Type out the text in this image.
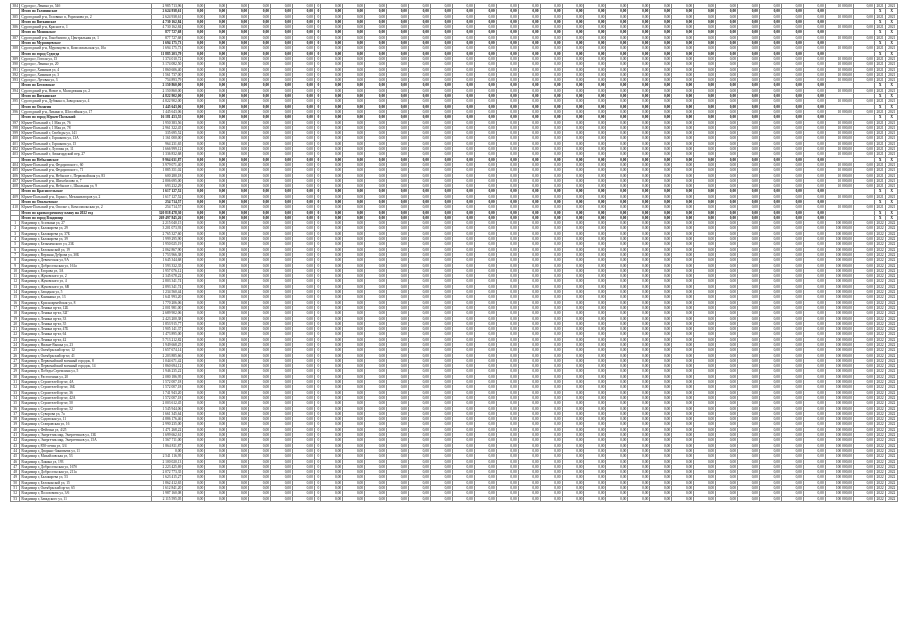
384	Судогда г, Ленина ул, 54б	2 985 713,96	0,00	0,00	0,00	0,00	0,00	0,00	0	0,00	0,00	0,00	0,00	0,00	0,00	0,00	0,00	0,00	0,00	0,00	0,00	0,00	0,00	0,00	0,00	0,00	0,00	0,00	0,00	0,00	0,00	0,00	10 000,00	0,00	2021	2021
	Итого по Головинское	2 624 938,61	0,00	0,00	0,00	0,00	0,00	0,00	0	0,00	0,00	0,00	0,00	0,00	0,00	0,00	0,00	0,00	0,00	0,00	0,00	0,00	0,00	0,00	0,00	0,00	0,00	0,00	0,00	0,00	0,00	0,00			X	X
385	Судогодский р-н, Головино п, Родионова ул, 2	2 624 938,61	0,00	0,00	0,00	0,00	0,00	0,00	0	0,00	0,00	0,00	0,00	0,00	0,00	0,00	0,00	0,00	0,00	0,00	0,00	0,00	0,00	0,00	0,00	0,00	0,00	0,00	0,00	0,00	0,00	0,00	10 000,00	0,00	2021	2021
	Итого по Вяткинское	4 730 162,84	0,00	0,00	0,00	0,00	0,00	0,00	0	0,00	0,00	0,00	0,00	0,00	0,00	0,00	0,00	0,00	0,00	0,00	0,00	0,00	0,00	0,00	0,00	0,00	0,00	0,00	0,00	0,00	0,00	0,00			X	X
386	Судогодский р-н, Красное п, 1	4 730 162,84	0,00	0,00	0,00	0,00	0,00	0,00	0	0,00	0,00	0,00	0,00	0,00	0,00	0,00	0,00	0,00	0,00	0,00	0,00	0,00	0,00	0,00	0,00	0,00	0,00	0,00	0,00	0,00	0,00	0,00	10 000,00	0,00	2021	2021
	Итого по Мошокское	877 727,68	0,00	0,00	0,00	0,00	0,00	0,00	0	0,00	0,00	0,00	0,00	0,00	0,00	0,00	0,00	0,00	0,00	0,00	0,00	0,00	0,00	0,00	0,00	0,00	0,00	0,00	0,00	0,00	0,00	0,00			X	X
387	Судогодский р-н, Гонобилово д, Центральная ул, 1	877 727,68	0,00	0,00	0,00	0,00	0,00	0,00	0	0,00	0,00	0,00	0,00	0,00	0,00	0,00	0,00	0,00	0,00	0,00	0,00	0,00	0,00	0,00	0,00	0,00	0,00	0,00	0,00	0,00	0,00	0,00	10 000,00	0,00	2021	2021
	Итого по Муромцевское	1 694 175,73	0,00	0,00	0,00	0,00	0,00	0,00	0	0,00	0,00	0,00	0,00	0,00	0,00	0,00	0,00	0,00	0,00	0,00	0,00	0,00	0,00	0,00	0,00	0,00	0,00	0,00	0,00	0,00	0,00	0,00			X	X
388	Судогодский р-н, Муромцево п, Комсомольская ул, 10а	1 694 175,73	0,00	0,00	0,00	0,00	0,00	0,00	0	0,00	0,00	0,00	0,00	0,00	0,00	0,00	0,00	0,00	0,00	0,00	0,00	0,00	0,00	0,00	0,00	0,00	0,00	0,00	0,00	0,00	0,00	0,00	10 000,00	0,00	2021	2021
	Итого по город Судогда	11 885 203,79	0,00	0,00	0,00	0,00	0,00	0,00	0	0,00	0,00	0,00	0,00	0,00	0,00	0,00	0,00	0,00	0,00	0,00	0,00	0,00	0,00	0,00	0,00	0,00	0,00	0,00	0,00	0,00	0,00	0,00			X	X
389	Судогда г, Гоголя ул, 15	1 374 010,72	0,00	0,00	0,00	0,00	0,00	0,00	0	0,00	0,00	0,00	0,00	0,00	0,00	0,00	0,00	0,00	0,00	0,00	0,00	0,00	0,00	0,00	0,00	0,00	0,00	0,00	0,00	0,00	0,00	0,00	10 000,00	0,00	2021	2021
390	Судогда г, Ленина ул, 20	3 174 082,50	0,00	0,00	0,00	0,00	0,00	0,00	0	0,00	0,00	0,00	0,00	0,00	0,00	0,00	0,00	0,00	0,00	0,00	0,00	0,00	0,00	0,00	0,00	0,00	0,00	0,00	0,00	0,00	0,00	0,00	10 000,00	0,00	2021	2021
391	Судогда г, Химиков ул, 4	1 860 606,40	0,00	0,00	0,00	0,00	0,00	0,00	0	0,00	0,00	0,00	0,00	0,00	0,00	0,00	0,00	0,00	0,00	0,00	0,00	0,00	0,00	0,00	0,00	0,00	0,00	0,00	0,00	0,00	0,00	0,00	10 000,00	0,00	2021	2021
392	Судогда г, Химиков ул, 3	1 561 737,00	0,00	0,00	0,00	0,00	0,00	0,00	0	0,00	0,00	0,00	0,00	0,00	0,00	0,00	0,00	0,00	0,00	0,00	0,00	0,00	0,00	0,00	0,00	0,00	0,00	0,00	0,00	0,00	0,00	0,00	10 000,00	0,00	2021	2021
393	Судогда г, Луговая ул, 3	754 893,79	0,00	0,00	0,00	0,00	0,00	0,00	0	0,00	0,00	0,00	0,00	0,00	0,00	0,00	0,00	0,00	0,00	0,00	0,00	0,00	0,00	0,00	0,00	0,00	0,00	0,00	0,00	0,00	0,00	0,00	10 000,00	0,00	2021	2021
	Итого по Бегловское	2 150 860,00	0,00	0,00	0,00	0,00	0,00	0,00	0	0,00	0,00	0,00	0,00	0,00	0,00	0,00	0,00	0,00	0,00	0,00	0,00	0,00	0,00	0,00	0,00	0,00	0,00	0,00	0,00	0,00	0,00	0,00			X	X
394	Судогодский р-н, Новое п, Молодежная ул, 2	2 150 860,00	0,00	0,00	0,00	0,00	0,00	0,00	0	0,00	0,00	0,00	0,00	0,00	0,00	0,00	0,00	0,00	0,00	0,00	0,00	0,00	0,00	0,00	0,00	0,00	0,00	0,00	0,00	0,00	0,00	0,00	10 000,00	0,00	2021	2021
	Итого по Вяткинское	4 822 902,00	0,00	0,00	0,00	0,00	0,00	0,00	0	0,00	0,00	0,00	0,00	0,00	0,00	0,00	0,00	0,00	0,00	0,00	0,00	0,00	0,00	0,00	0,00	0,00	0,00	0,00	0,00	0,00	0,00	0,00			X	X
395	Судогодский р-н, Дубинка п, Заводская ул, 4	4 822 902,00	0,00	0,00	0,00	0,00	0,00	0,00	0	0,00	0,00	0,00	0,00	0,00	0,00	0,00	0,00	0,00	0,00	0,00	0,00	0,00	0,00	0,00	0,00	0,00	0,00	0,00	0,00	0,00	0,00	0,00	10 000,00	0,00	2021	2021
	Итого по Оплагин	1 445 643,06	0,00	0,00	0,00	0,00	0,00	0,00	0	0,00	0,00	0,00	0,00	0,00	0,00	0,00	0,00	0,00	0,00	0,00	0,00	0,00	0,00	0,00	0,00	0,00	0,00	0,00	0,00	0,00	0,00	0,00			X	X
396	Судогодский р-н, Ликино п, Шоссейная ул, 17	1 445 643,06	0,00	0,00	0,00	0,00	0,00	0,00	0	0,00	0,00	0,00	0,00	0,00	0,00	0,00	0,00	0,00	0,00	0,00	0,00	0,00	0,00	0,00	0,00	0,00	0,00	0,00	0,00	0,00	0,00	0,00	10 000,00	0,00	2021	2021
	Итого по город Юрьев-Польский	16 181 453,55	0,00	0,00	0,00	0,00	0,00	0,00	0	0,00	0,00	0,00	0,00	0,00	0,00	0,00	0,00	0,00	0,00	0,00	0,00	0,00	0,00	0,00	0,00	0,00	0,00	0,00	0,00	0,00	0,00	0,00			X	X
397	Юрьев-Польский г, 1 Мая ул, 76	1 950 383,56	0,00	0,00	0,00	0,00	0,00	0,00	0	0,00	0,00	0,00	0,00	0,00	0,00	0,00	0,00	0,00	0,00	0,00	0,00	0,00	0,00	0,00	0,00	0,00	0,00	0,00	0,00	0,00	0,00	0,00	10 000,00	0,00	2021	2021
398	Юрьев-Польский г, 1 Мая ул, 78	2 961 322,45	0,00	0,00	0,00	0,00	0,00	0,00	0	0,00	0,00	0,00	0,00	0,00	0,00	0,00	0,00	0,00	0,00	0,00	0,00	0,00	0,00	0,00	0,00	0,00	0,00	0,00	0,00	0,00	0,00	0,00	10 000,00	0,00	2021	2021
399	Юрьев-Польский г, Свободы ул, 141	335 695,52	0,00	0,00	0,00	0,00	0,00	0,00	0	0,00	0,00	0,00	0,00	0,00	0,00	0,00	0,00	0,00	0,00	0,00	0,00	0,00	0,00	0,00	0,00	0,00	0,00	0,00	0,00	0,00	0,00	0,00	10 000,00	0,00	2021	2021
400	Юрьев-Польский г, Горшкова ул, 13А	1 161 000,00	0,00	0,00	0,00	0,00	0,00	0,00	0	0,00	0,00	0,00	0,00	0,00	0,00	0,00	0,00	0,00	0,00	0,00	0,00	0,00	0,00	0,00	0,00	0,00	0,00	0,00	0,00	0,00	0,00	0,00	10 000,00	0,00	2021	2021
401	Юрьев-Польский г, Горшкова ул, 15	964 231,65	0,00	0,00	0,00	0,00	0,00	0,00	0	0,00	0,00	0,00	0,00	0,00	0,00	0,00	0,00	0,00	0,00	0,00	0,00	0,00	0,00	0,00	0,00	0,00	0,00	0,00	0,00	0,00	0,00	0,00	10 000,00	0,00	2021	2021
402	Юрьев-Польский г, Луговая ул, 11	1 666 999,12	0,00	0,00	0,00	0,00	0,00	0,00	0	0,00	0,00	0,00	0,00	0,00	0,00	0,00	0,00	0,00	0,00	0,00	0,00	0,00	0,00	0,00	0,00	0,00	0,00	0,00	0,00	0,00	0,00	0,00	10 000,00	0,00	2021	2021
403	Юрьев-Польский г, Авангардский пер, 27	1 336 832,68	0,00	0,00	0,00	0,00	0,00	0,00	0	0,00	0,00	0,00	0,00	0,00	0,00	0,00	0,00	0,00	0,00	0,00	0,00	0,00	0,00	0,00	0,00	0,00	0,00	0,00	0,00	0,00	0,00	0,00	10 000,00	0,00	2021	2021
	Итого по Небыловское	9 964 631,87	0,00	0,00	0,00	0,00	0,00	0,00	0	0,00	0,00	0,00	0,00	0,00	0,00	0,00	0,00	0,00	0,00	0,00	0,00	0,00	0,00	0,00	0,00	0,00	0,00	0,00	0,00	0,00	0,00	0,00			X	X
404	Юрьев-Польский р-н, Федоровское с, 60	3 979 071,40	0,00	0,00	0,00	0,00	0,00	0,00	0	0,00	0,00	0,00	0,00	0,00	0,00	0,00	0,00	0,00	0,00	0,00	0,00	0,00	0,00	0,00	0,00	0,00	0,00	0,00	0,00	0,00	0,00	0,00	10 000,00	0,00	2021	2021
405	Юрьев-Польский р-н, Федоровское с, 71	1 885 351,02	0,00	0,00	0,00	0,00	0,00	0,00	0	0,00	0,00	0,00	0,00	0,00	0,00	0,00	0,00	0,00	0,00	0,00	0,00	0,00	0,00	0,00	0,00	0,00	0,00	0,00	0,00	0,00	0,00	0,00	10 000,00	0,00	2021	2021
406	Юрьев-Польский р-н, Небылое с, Первомайская ул, 83	600 280,18	0,00	0,00	0,00	0,00	0,00	0,00	0	0,00	0,00	0,00	0,00	0,00	0,00	0,00	0,00	0,00	0,00	0,00	0,00	0,00	0,00	0,00	0,00	0,00	0,00	0,00	0,00	0,00	0,00	0,00	10 000,00	0,00	2021	2021
407	Юрьев-Польский р-н, Шихобалово п, 7	2 806 695,00	0,00	0,00	0,00	0,00	0,00	0,00	0	0,00	0,00	0,00	0,00	0,00	0,00	0,00	0,00	0,00	0,00	0,00	0,00	0,00	0,00	0,00	0,00	0,00	0,00	0,00	0,00	0,00	0,00	0,00	10 000,00	0,00	2021	2021
408	Юрьев-Польский р-н, Небылое с, Школьная ул, 9	693 232,29	0,00	0,00	0,00	0,00	0,00	0,00	0	0,00	0,00	0,00	0,00	0,00	0,00	0,00	0,00	0,00	0,00	0,00	0,00	0,00	0,00	0,00	0,00	0,00	0,00	0,00	0,00	0,00	0,00	0,00	10 000,00	0,00	2021	2021
	Итого по Красносельское	1 617 127,52	0,00	0,00	0,00	0,00	0,00	0,00	0	0,00	0,00	0,00	0,00	0,00	0,00	0,00	0,00	0,00	0,00	0,00	0,00	0,00	0,00	0,00	0,00	0,00	0,00	0,00	0,00	0,00	0,00	0,00			X	X
409	Юрьев-Польский р-н, Горки с, Механизаторов ул, 2	1 617 127,52	0,00	0,00	0,00	0,00	0,00	0,00	0	0,00	0,00	0,00	0,00	0,00	0,00	0,00	0,00	0,00	0,00	0,00	0,00	0,00	0,00	0,00	0,00	0,00	0,00	0,00	0,00	0,00	0,00	0,00	10 000,00	0,00	2021	2021
	Итого по Опольевское	254 714,57	0,00	0,00	0,00	0,00	0,00	0,00	0	0,00	0,00	0,00	0,00	0,00	0,00	0,00	0,00	0,00	0,00	0,00	0,00	0,00	0,00	0,00	0,00	0,00	0,00	0,00	0,00	0,00	0,00	0,00			X	X
410	Юрьев-Польский р-н, Ополье с, Комсомольская ул, 2	254 714,57	0,00	0,00	0,00	0,00	0,00	0,00	0	0,00	0,00	0,00	0,00	0,00	0,00	0,00	0,00	0,00	0,00	0,00	0,00	0,00	0,00	0,00	0,00	0,00	0,00	0,00	0,00	0,00	0,00	0,00	10 000,00	0,00	2021	2021
	Итого по краткосрочному плану на 2022 год	320 818 478,30	0,00	0,00	0,00	0,00	0,00	0,00	0	0,00	0,00	0,00	0,00	0,00	0,00	0,00	0,00	0,00	0,00	0,00	0,00	0,00	0,00	0,00	0,00	0,00	0,00	0,00	0,00	0,00	0,00	0,00			X	X
	Итого по город Владимир	269 497 845,26	0,00	0,00	0,00	0,00	0,00	0,00	0	0,00	0,00	0,00	0,00	0,00	0,00	0,00	0,00	0,00	0,00	0,00	0,00	0,00	0,00	0,00	0,00	0,00	0,00	0,00	0,00	0,00	0,00	0,00			X	X
1	Владимир г, Асаткина ул, 27	2 215 040,15	0,00	0,00	0,00	0,00	0,00	0,00	0	0,00	0,00	0,00	0,00	0,00	0,00	0,00	0,00	0,00	0,00	0,00	0,00	0,00	0,00	0,00	0,00	0,00	0,00	0,00	0,00	0,00	0,00	0,00	100 000,00	0,00	2022	2022
2	Владимир г, Балакирева ул, 29	3 201 073,93	0,00	0,00	0,00	0,00	0,00	0,00	0	0,00	0,00	0,00	0,00	0,00	0,00	0,00	0,00	0,00	0,00	0,00	0,00	0,00	0,00	0,00	0,00	0,00	0,00	0,00	0,00	0,00	0,00	0,00	100 000,00	0,00	2022	2022
3	Владимир г, Балакирева ул, 37Б	2 765 327,60	0,00	0,00	0,00	0,00	0,00	0,00	0	0,00	0,00	0,00	0,00	0,00	0,00	0,00	0,00	0,00	0,00	0,00	0,00	0,00	0,00	0,00	0,00	0,00	0,00	0,00	0,00	0,00	0,00	0,00	100 000,00	0,00	2022	2022
4	Владимир г, Балакирева ул, 39	1 999 295,90	0,00	0,00	0,00	0,00	0,00	0,00	0	0,00	0,00	0,00	0,00	0,00	0,00	0,00	0,00	0,00	0,00	0,00	0,00	0,00	0,00	0,00	0,00	0,00	0,00	0,00	0,00	0,00	0,00	0,00	100 000,00	0,00	2022	2022
5	Владимир г, Безыменского ул, 23Б	1 950 025,19	0,00	0,00	0,00	0,00	0,00	0,00	0	0,00	0,00	0,00	0,00	0,00	0,00	0,00	0,00	0,00	0,00	0,00	0,00	0,00	0,00	0,00	0,00	0,00	0,00	0,00	0,00	0,00	0,00	0,00	100 000,00	0,00	2022	2022
6	Владимир г, Белоконской ул, 19	2 062 867,90	0,00	0,00	0,00	0,00	0,00	0,00	0	0,00	0,00	0,00	0,00	0,00	0,00	0,00	0,00	0,00	0,00	0,00	0,00	0,00	0,00	0,00	0,00	0,00	0,00	0,00	0,00	0,00	0,00	0,00	100 000,00	0,00	2022	2022
7	Владимир г, Верхняя Дуброва ул, 30Б	1 753 966,38	0,00	0,00	0,00	0,00	0,00	0,00	0	0,00	0,00	0,00	0,00	0,00	0,00	0,00	0,00	0,00	0,00	0,00	0,00	0,00	0,00	0,00	0,00	0,00	0,00	0,00	0,00	0,00	0,00	0,00	100 000,00	0,00	2022	2022
8	Владимир г, Девическая ул, 9А	1 645 344,68	0,00	0,00	0,00	0,00	0,00	0,00	0	0,00	0,00	0,00	0,00	0,00	0,00	0,00	0,00	0,00	0,00	0,00	0,00	0,00	0,00	0,00	0,00	0,00	0,00	0,00	0,00	0,00	0,00	0,00	100 000,00	0,00	2022	2022
9	Владимир г, Добросельская ул, 161а	1 593 332,35	0,00	0,00	0,00	0,00	0,00	0,00	0	0,00	0,00	0,00	0,00	0,00	0,00	0,00	0,00	0,00	0,00	0,00	0,00	0,00	0,00	0,00	0,00	0,00	0,00	0,00	0,00	0,00	0,00	0,00	100 000,00	0,00	2022	2022
10	Владимир г, Егорова ул, 3А	1 957 076,12	0,00	0,00	0,00	0,00	0,00	0,00	0	0,00	0,00	0,00	0,00	0,00	0,00	0,00	0,00	0,00	0,00	0,00	0,00	0,00	0,00	0,00	0,00	0,00	0,00	0,00	0,00	0,00	0,00	0,00	100 000,00	0,00	2022	2022
11	Владимир г, Жуковского ул, 2	2 345 678,22	0,00	0,00	0,00	0,00	0,00	0,00	0	0,00	0,00	0,00	0,00	0,00	0,00	0,00	0,00	0,00	0,00	0,00	0,00	0,00	0,00	0,00	0,00	0,00	0,00	0,00	0,00	0,00	0,00	0,00	100 000,00	0,00	2022	2022
12	Владимир г, Жуковского ул, 4	2 803 341,74	0,00	0,00	0,00	0,00	0,00	0,00	0	0,00	0,00	0,00	0,00	0,00	0,00	0,00	0,00	0,00	0,00	0,00	0,00	0,00	0,00	0,00	0,00	0,00	0,00	0,00	0,00	0,00	0,00	0,00	100 000,00	0,00	2022	2022
13	Владимир г, Жуковского ул, 6В	2 893 341,74	0,00	0,00	0,00	0,00	0,00	0,00	0	0,00	0,00	0,00	0,00	0,00	0,00	0,00	0,00	0,00	0,00	0,00	0,00	0,00	0,00	0,00	0,00	0,00	0,00	0,00	0,00	0,00	0,00	0,00	100 000,00	0,00	2022	2022
14	Владимир г, Западная ул, 5	1 234 560,44	0,00	0,00	0,00	0,00	0,00	0,00	0	0,00	0,00	0,00	0,00	0,00	0,00	0,00	0,00	0,00	0,00	0,00	0,00	0,00	0,00	0,00	0,00	0,00	0,00	0,00	0,00	0,00	0,00	0,00	100 000,00	0,00	2022	2022
15	Владимир г, Каманина ул, 13	1 641 993,20	0,00	0,00	0,00	0,00	0,00	0,00	0	0,00	0,00	0,00	0,00	0,00	0,00	0,00	0,00	0,00	0,00	0,00	0,00	0,00	0,00	0,00	0,00	0,00	0,00	0,00	0,00	0,00	0,00	0,00	100 000,00	0,00	2022	2022
16	Владимир г, Красноармейская ул, 8	1 770 206,06	0,00	0,00	0,00	0,00	0,00	0,00	0	0,00	0,00	0,00	0,00	0,00	0,00	0,00	0,00	0,00	0,00	0,00	0,00	0,00	0,00	0,00	0,00	0,00	0,00	0,00	0,00	0,00	0,00	0,00	100 000,00	0,00	2022	2022
17	Владимир г, Ленина пр-кт, 12Б	2 001 981,00	0,00	0,00	0,00	0,00	0,00	0,00	0	0,00	0,00	0,00	0,00	0,00	0,00	0,00	0,00	0,00	0,00	0,00	0,00	0,00	0,00	0,00	0,00	0,00	0,00	0,00	0,00	0,00	0,00	0,00	100 000,00	0,00	2022	2022
18	Владимир г, Ленина пр-кт, 32Г	2 689 902,06	0,00	0,00	0,00	0,00	0,00	0,00	0	0,00	0,00	0,00	0,00	0,00	0,00	0,00	0,00	0,00	0,00	0,00	0,00	0,00	0,00	0,00	0,00	0,00	0,00	0,00	0,00	0,00	0,00	0,00	100 000,00	0,00	2022	2022
19	Владимир г, Ленина пр-кт, 33	2 423 200,38	0,00	0,00	0,00	0,00	0,00	0,00	0	0,00	0,00	0,00	0,00	0,00	0,00	0,00	0,00	0,00	0,00	0,00	0,00	0,00	0,00	0,00	0,00	0,00	0,00	0,00	0,00	0,00	0,00	0,00	100 000,00	0,00	2022	2022
20	Владимир г, Ленина пр-кт, 35	1 853 915,77	0,00	0,00	0,00	0,00	0,00	0,00	0	0,00	0,00	0,00	0,00	0,00	0,00	0,00	0,00	0,00	0,00	0,00	0,00	0,00	0,00	0,00	0,00	0,00	0,00	0,00	0,00	0,00	0,00	0,00	100 000,00	0,00	2022	2022
21	Владимир г, Ленина пр-кт, 47Б	1 905 141,37	0,00	0,00	0,00	0,00	0,00	0,00	0	0,00	0,00	0,00	0,00	0,00	0,00	0,00	0,00	0,00	0,00	0,00	0,00	0,00	0,00	0,00	0,00	0,00	0,00	0,00	0,00	0,00	0,00	0,00	100 000,00	0,00	2022	2022
22	Владимир г, Ленина пр-кт, 64	1 473 895,00	0,00	0,00	0,00	0,00	0,00	0,00	0	0,00	0,00	0,00	0,00	0,00	0,00	0,00	0,00	0,00	0,00	0,00	0,00	0,00	0,00	0,00	0,00	0,00	0,00	0,00	0,00	0,00	0,00	0,00	100 000,00	0,00	2022	2022
23	Владимир г, Ленина пр-кт, 42	5 713 212,82	0,00	0,00	0,00	0,00	0,00	0,00	0	0,00	0,00	0,00	0,00	0,00	0,00	0,00	0,00	0,00	0,00	0,00	0,00	0,00	0,00	0,00	0,00	0,00	0,00	0,00	0,00	0,00	0,00	0,00	100 000,00	0,00	2022	2022
24	Владимир г, Нижне-Вышка ул, 23	1 949 668,25	0,00	0,00	0,00	0,00	0,00	0,00	0	0,00	0,00	0,00	0,00	0,00	0,00	0,00	0,00	0,00	0,00	0,00	0,00	0,00	0,00	0,00	0,00	0,00	0,00	0,00	0,00	0,00	0,00	0,00	100 000,00	0,00	2022	2022
25	Владимир г, Октябрьский пр-кт, 12	1 657 674,14	0,00	0,00	0,00	0,00	0,00	0,00	0	0,00	0,00	0,00	0,00	0,00	0,00	0,00	0,00	0,00	0,00	0,00	0,00	0,00	0,00	0,00	0,00	0,00	0,00	0,00	0,00	0,00	0,00	0,00	100 000,00	0,00	2022	2022
26	Владимир г, Октябрьский пр-кт, 41	2 203 885,66	0,00	0,00	0,00	0,00	0,00	0,00	0	0,00	0,00	0,00	0,00	0,00	0,00	0,00	0,00	0,00	0,00	0,00	0,00	0,00	0,00	0,00	0,00	0,00	0,00	0,00	0,00	0,00	0,00	0,00	100 000,00	0,00	2022	2022
27	Владимир г, Первомайский военный городок, 8	1 044 671,42	0,00	0,00	0,00	0,00	0,00	0,00	0	0,00	0,00	0,00	0,00	0,00	0,00	0,00	0,00	0,00	0,00	0,00	0,00	0,00	0,00	0,00	0,00	0,00	0,00	0,00	0,00	0,00	0,00	0,00	100 000,00	0,00	2022	2022
28	Владимир г, Первомайский военный городок, 14	1 860 694,12	0,00	0,00	0,00	0,00	0,00	0,00	0	0,00	0,00	0,00	0,00	0,00	0,00	0,00	0,00	0,00	0,00	0,00	0,00	0,00	0,00	0,00	0,00	0,00	0,00	0,00	0,00	0,00	0,00	0,00	100 000,00	0,00	2022	2022
29	Владимир г, Победы Стремлина ул, 5	1 946 235,22	0,00	0,00	0,00	0,00	0,00	0,00	0	0,00	0,00	0,00	0,00	0,00	0,00	0,00	0,00	0,00	0,00	0,00	0,00	0,00	0,00	0,00	0,00	0,00	0,00	0,00	0,00	0,00	0,00	0,00	100 000,00	0,00	2022	2022
30	Владимир г, Растопчина ул, 20	2 080 186,95	0,00	0,00	0,00	0,00	0,00	0,00	0	0,00	0,00	0,00	0,00	0,00	0,00	0,00	0,00	0,00	0,00	0,00	0,00	0,00	0,00	0,00	0,00	0,00	0,00	0,00	0,00	0,00	0,00	0,00	100 000,00	0,00	2022	2022
31	Владимир г, Строителей пр-кт, 4А	1 572 007,18	0,00	0,00	0,00	0,00	0,00	0,00	0	0,00	0,00	0,00	0,00	0,00	0,00	0,00	0,00	0,00	0,00	0,00	0,00	0,00	0,00	0,00	0,00	0,00	0,00	0,00	0,00	0,00	0,00	0,00	100 000,00	0,00	2022	2022
32	Владимир г, Строителей пр-кт, 16Б	1 572 007,18	0,00	0,00	0,00	0,00	0,00	0,00	0	0,00	0,00	0,00	0,00	0,00	0,00	0,00	0,00	0,00	0,00	0,00	0,00	0,00	0,00	0,00	0,00	0,00	0,00	0,00	0,00	0,00	0,00	0,00	100 000,00	0,00	2022	2022
33	Владимир г, Строителей пр-кт, 36	1 741 943,20	0,00	0,00	0,00	0,00	0,00	0,00	0	0,00	0,00	0,00	0,00	0,00	0,00	0,00	0,00	0,00	0,00	0,00	0,00	0,00	0,00	0,00	0,00	0,00	0,00	0,00	0,00	0,00	0,00	0,00	100 000,00	0,00	2022	2022
34	Владимир г, Строителей пр-кт, 42А	1 572 007,18	0,00	0,00	0,00	0,00	0,00	0,00	0	0,00	0,00	0,00	0,00	0,00	0,00	0,00	0,00	0,00	0,00	0,00	0,00	0,00	0,00	0,00	0,00	0,00	0,00	0,00	0,00	0,00	0,00	0,00	100 000,00	0,00	2022	2022
35	Владимир г, Строителей пр-кт, 50	2 003 612,45	0,00	0,00	0,00	0,00	0,00	0,00	0	0,00	0,00	0,00	0,00	0,00	0,00	0,00	0,00	0,00	0,00	0,00	0,00	0,00	0,00	0,00	0,00	0,00	0,00	0,00	0,00	0,00	0,00	0,00	100 000,00	0,00	2022	2022
36	Владимир г, Строителей пр-кт, 52	1 545 944,06	0,00	0,00	0,00	0,00	0,00	0,00	0	0,00	0,00	0,00	0,00	0,00	0,00	0,00	0,00	0,00	0,00	0,00	0,00	0,00	0,00	0,00	0,00	0,00	0,00	0,00	0,00	0,00	0,00	0,00	100 000,00	0,00	2022	2022
37	Владимир г, Суворова ул, 7а	1 661 345,64	0,00	0,00	0,00	0,00	0,00	0,00	0	0,00	0,00	0,00	0,00	0,00	0,00	0,00	0,00	0,00	0,00	0,00	0,00	0,00	0,00	0,00	0,00	0,00	0,00	0,00	0,00	0,00	0,00	0,00	100 000,00	0,00	2022	2022
38	Владимир г, Садовская ул, 11	4 886 176,46	0,00	0,00	0,00	0,00	0,00	0,00	0	0,00	0,00	0,00	0,00	0,00	0,00	0,00	0,00	0,00	0,00	0,00	0,00	0,00	0,00	0,00	0,00	0,00	0,00	0,00	0,00	0,00	0,00	0,00	100 000,00	0,00	2022	2022
39	Владимир г, Ставровская ул, 16	2 990 235,00	0,00	0,00	0,00	0,00	0,00	0,00	0	0,00	0,00	0,00	0,00	0,00	0,00	0,00	0,00	0,00	0,00	0,00	0,00	0,00	0,00	0,00	0,00	0,00	0,00	0,00	0,00	0,00	0,00	0,00	100 000,00	0,00	2022	2022
40	Владимир г, Фейгина ул, 4/25	1 471 268,22	0,00	0,00	0,00	0,00	0,00	0,00	0	0,00	0,00	0,00	0,00	0,00	0,00	0,00	0,00	0,00	0,00	0,00	0,00	0,00	0,00	0,00	0,00	0,00	0,00	0,00	0,00	0,00	0,00	0,00	100 000,00	0,00	2022	2022
41	Владимир г, Энергетик мкр, Энергетиков ул, 13Б	1 699 662,61	0,00	0,00	0,00	0,00	0,00	0,00	0	0,00	0,00	0,00	0,00	0,00	0,00	0,00	0,00	0,00	0,00	0,00	0,00	0,00	0,00	0,00	0,00	0,00	0,00	0,00	0,00	0,00	0,00	0,00	100 000,00	0,00	2022	2022
42	Владимир г, Энергетик мкр, Энергетиков ул, 15А	1 567 711,00	0,00	0,00	0,00	0,00	0,00	0,00	0	0,00	0,00	0,00	0,00	0,00	0,00	0,00	0,00	0,00	0,00	0,00	0,00	0,00	0,00	0,00	0,00	0,00	0,00	0,00	0,00	0,00	0,00	0,00	100 000,00	0,00	2022	2022
43	Владимир г, 850-летия ул, 3/4	1 864 811,87	0,00	0,00	0,00	0,00	0,00	0,00	0	0,00	0,00	0,00	0,00	0,00	0,00	0,00	0,00	0,00	0,00	0,00	0,00	0,00	0,00	0,00	0,00	0,00	0,00	0,00	0,00	0,00	0,00	0,00	100 000,00	0,00	2022	2022
44	Владимир г, Дворянс-Зиновьева ул, 11	0,00	0,00	0,00	0,00	0,00	0,00	0,00	0	0,00	0,00	0,00	0,00	0,00	0,00	0,00	0,00	0,00	0,00	0,00	0,00	0,00	0,00	0,00	0,00	0,00	0,00	0,00	0,00	0,00	0,00	0,00	100 000,00	0,00	2022	2022
45	Владимир г, Михайловская ул, 53	2 541 116,95	0,00	0,00	0,00	0,00	0,00	0,00	0	0,00	0,00	0,00	0,00	0,00	0,00	0,00	0,00	0,00	0,00	0,00	0,00	0,00	0,00	0,00	0,00	0,00	0,00	0,00	0,00	0,00	0,00	0,00	100 000,00	0,00	2022	2022
46	Владимир г, Лакина ул, 193	2 100 020,13	0,00	0,00	0,00	0,00	0,00	0,00	0	0,00	0,00	0,00	0,00	0,00	0,00	0,00	0,00	0,00	0,00	0,00	0,00	0,00	0,00	0,00	0,00	0,00	0,00	0,00	0,00	0,00	0,00	0,00	100 000,00	0,00	2022	2022
47	Владимир г, Добросельская ул, 167б	2 223 425,69	0,00	0,00	0,00	0,00	0,00	0,00	0	0,00	0,00	0,00	0,00	0,00	0,00	0,00	0,00	0,00	0,00	0,00	0,00	0,00	0,00	0,00	0,00	0,00	0,00	0,00	0,00	0,00	0,00	0,00	100 000,00	0,00	2022	2022
48	Владимир г, Добросельская ул, 211а	2 072 773,35	0,00	0,00	0,00	0,00	0,00	0,00	0	0,00	0,00	0,00	0,00	0,00	0,00	0,00	0,00	0,00	0,00	0,00	0,00	0,00	0,00	0,00	0,00	0,00	0,00	0,00	0,00	0,00	0,00	0,00	100 000,00	0,00	2022	2022
49	Владимир г, Балакирева ул, 53	1 623 415,27	0,00	0,00	0,00	0,00	0,00	0,00	0	0,00	0,00	0,00	0,00	0,00	0,00	0,00	0,00	0,00	0,00	0,00	0,00	0,00	0,00	0,00	0,00	0,00	0,00	0,00	0,00	0,00	0,00	0,00	100 000,00	0,00	2022	2022
50	Владимир г, Белоконской ул, 15	1 862 412,65	0,00	0,00	0,00	0,00	0,00	0,00	0	0,00	0,00	0,00	0,00	0,00	0,00	0,00	0,00	0,00	0,00	0,00	0,00	0,00	0,00	0,00	0,00	0,00	0,00	0,00	0,00	0,00	0,00	0,00	100 000,00	0,00	2022	2022
51	Владимир г, Октябрьский пр-кт, 65	1 612 841,20	0,00	0,00	0,00	0,00	0,00	0,00	0	0,00	0,00	0,00	0,00	0,00	0,00	0,00	0,00	0,00	0,00	0,00	0,00	0,00	0,00	0,00	0,00	0,00	0,00	0,00	0,00	0,00	0,00	0,00	100 000,00	0,00	2022	2022
52	Владимир г, Полозовова ул, 3/6	1 987 160,08	0,00	0,00	0,00	0,00	0,00	0,00	0	0,00	0,00	0,00	0,00	0,00	0,00	0,00	0,00	0,00	0,00	0,00	0,00	0,00	0,00	0,00	0,00	0,00	0,00	0,00	0,00	0,00	0,00	0,00	100 000,00	0,00	2022	2022
53	Владимир г, Завадского ул, 11	2 115 595,05	0,00	0,00	0,00	0,00	0,00	0,00	0	0,00	0,00	0,00	0,00	0,00	0,00	0,00	0,00	0,00	0,00	0,00	0,00	0,00	0,00	0,00	0,00	0,00	0,00	0,00	0,00	0,00	0,00	0,00	100 000,00	0,00	2022	2022
